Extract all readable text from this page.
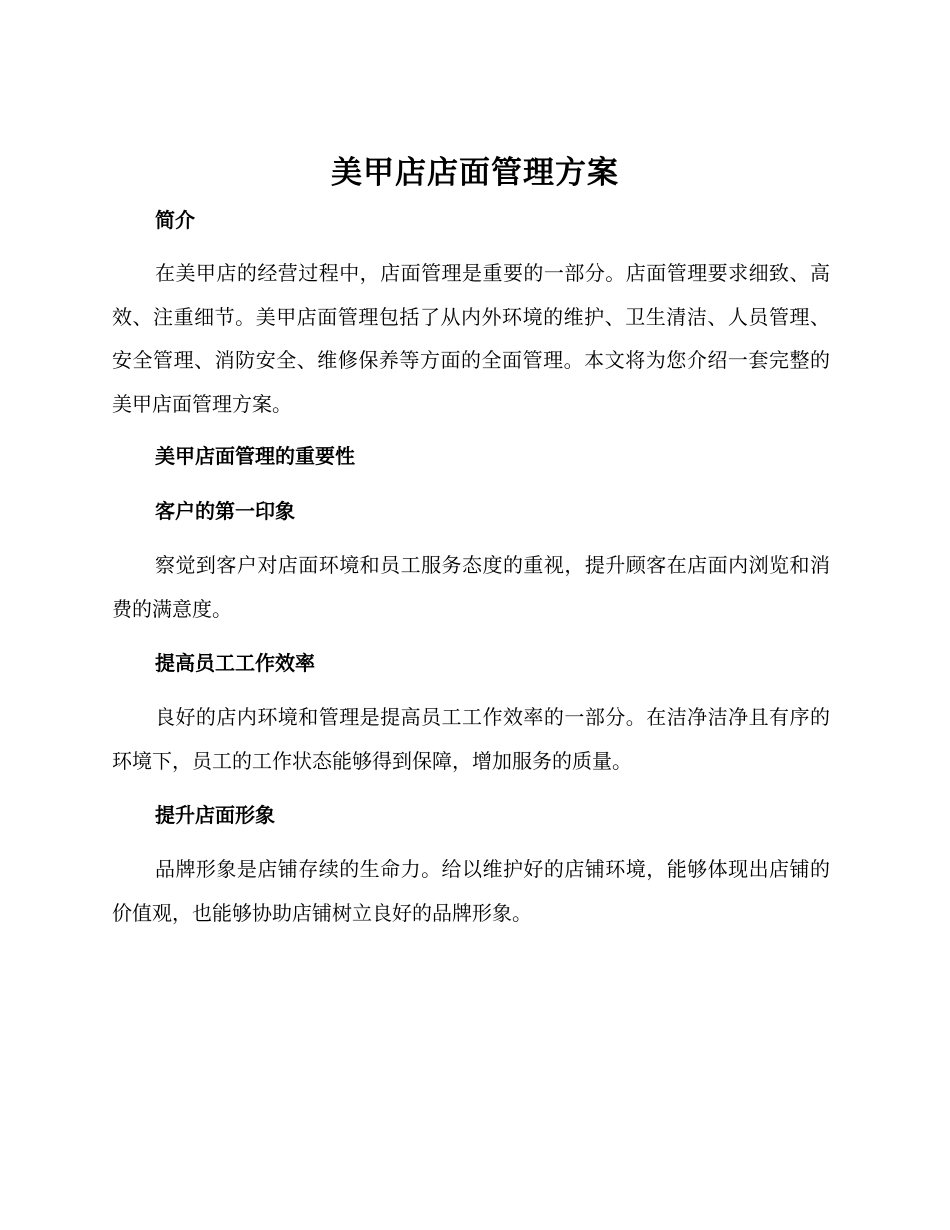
美甲店店面管理方案
简介

在美甲店的经营过程中，店面管理是重要的一部分。店面管理要求细致、高效、注重细节。美甲店面管理包括了从内外环境的维护、卫生清洁、人员管理、安全管理、消防安全、维修保养等方面的全面管理。本文将为您介绍一套完整的美甲店面管理方案。

美甲店面管理的重要性
客户的第一印象

察觉到客户对店面环境和员工服务态度的重视，提升顾客在店面内浏览和消费的满意度。

提高员工工作效率

良好的店内环境和管理是提高员工工作效率的一部分。在洁净洁净且有序的环境下，员工的工作状态能够得到保障，增加服务的质量。

提升店面形象

品牌形象是店铺存续的生命力。给以维护好的店铺环境，能够体现出店铺的价值观，也能够协助店铺树立良好的品牌形象。
